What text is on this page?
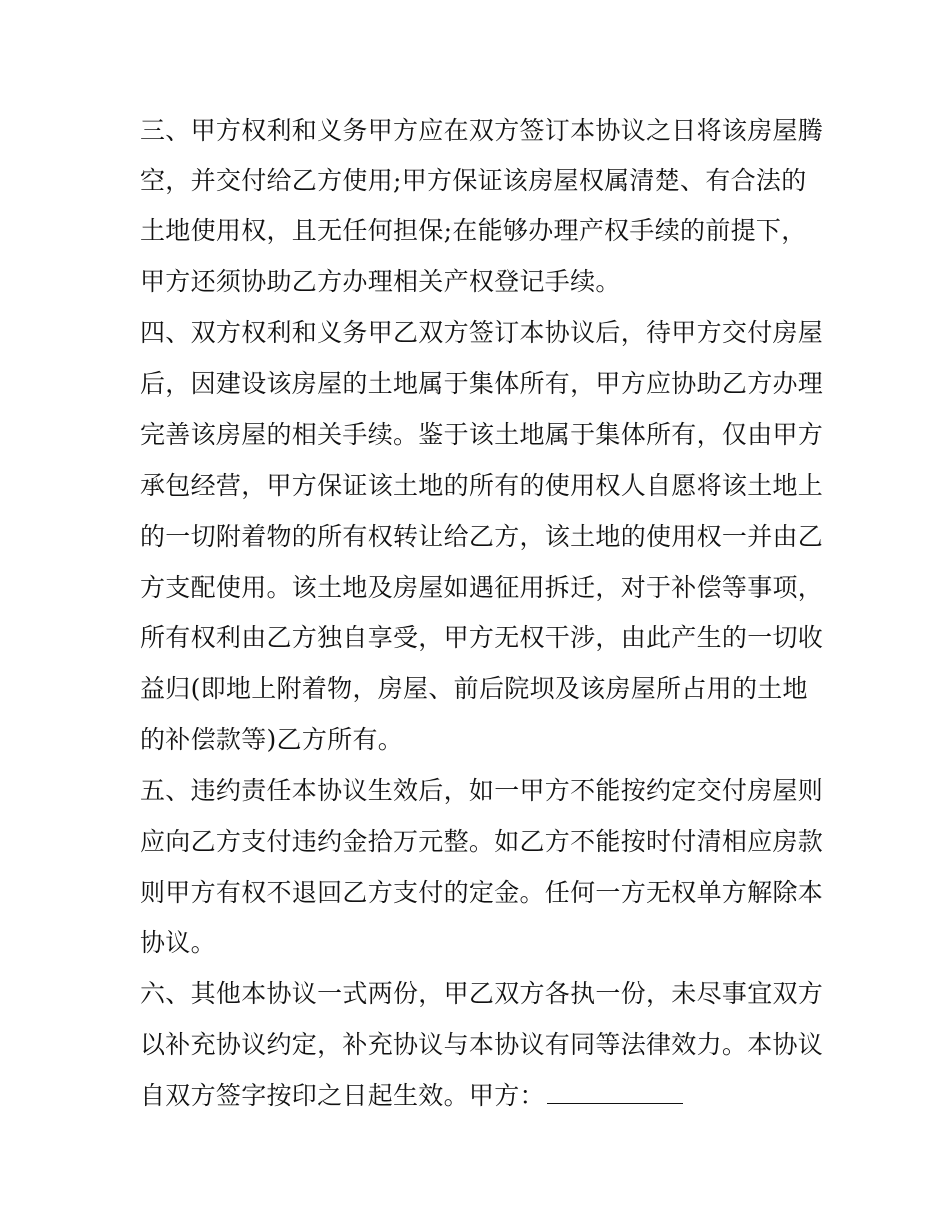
三、甲方权利和义务甲方应在双方签订本协议之日将该房屋腾
空，并交付给乙方使用;甲方保证该房屋权属清楚、有合法的
土地使用权，且无任何担保;在能够办理产权手续的前提下，
甲方还须协助乙方办理相关产权登记手续。
四、双方权利和义务甲乙双方签订本协议后，待甲方交付房屋
后，因建设该房屋的土地属于集体所有，甲方应协助乙方办理
完善该房屋的相关手续。鉴于该土地属于集体所有，仅由甲方
承包经营，甲方保证该土地的所有的使用权人自愿将该土地上
的一切附着物的所有权转让给乙方，该土地的使用权一并由乙
方支配使用。该土地及房屋如遇征用拆迁，对于补偿等事项，
所有权利由乙方独自享受，甲方无权干涉，由此产生的一切收
益归(即地上附着物，房屋、前后院坝及该房屋所占用的土地
的补偿款等)乙方所有。
五、违约责任本协议生效后，如一甲方不能按约定交付房屋则
应向乙方支付违约金拾万元整。如乙方不能按时付清相应房款
则甲方有权不退回乙方支付的定金。任何一方无权单方解除本
协议。
六、其他本协议一式两份，甲乙双方各执一份，未尽事宜双方
以补充协议约定，补充协议与本协议有同等法律效力。本协议
自双方签字按印之日起生效。甲方：
